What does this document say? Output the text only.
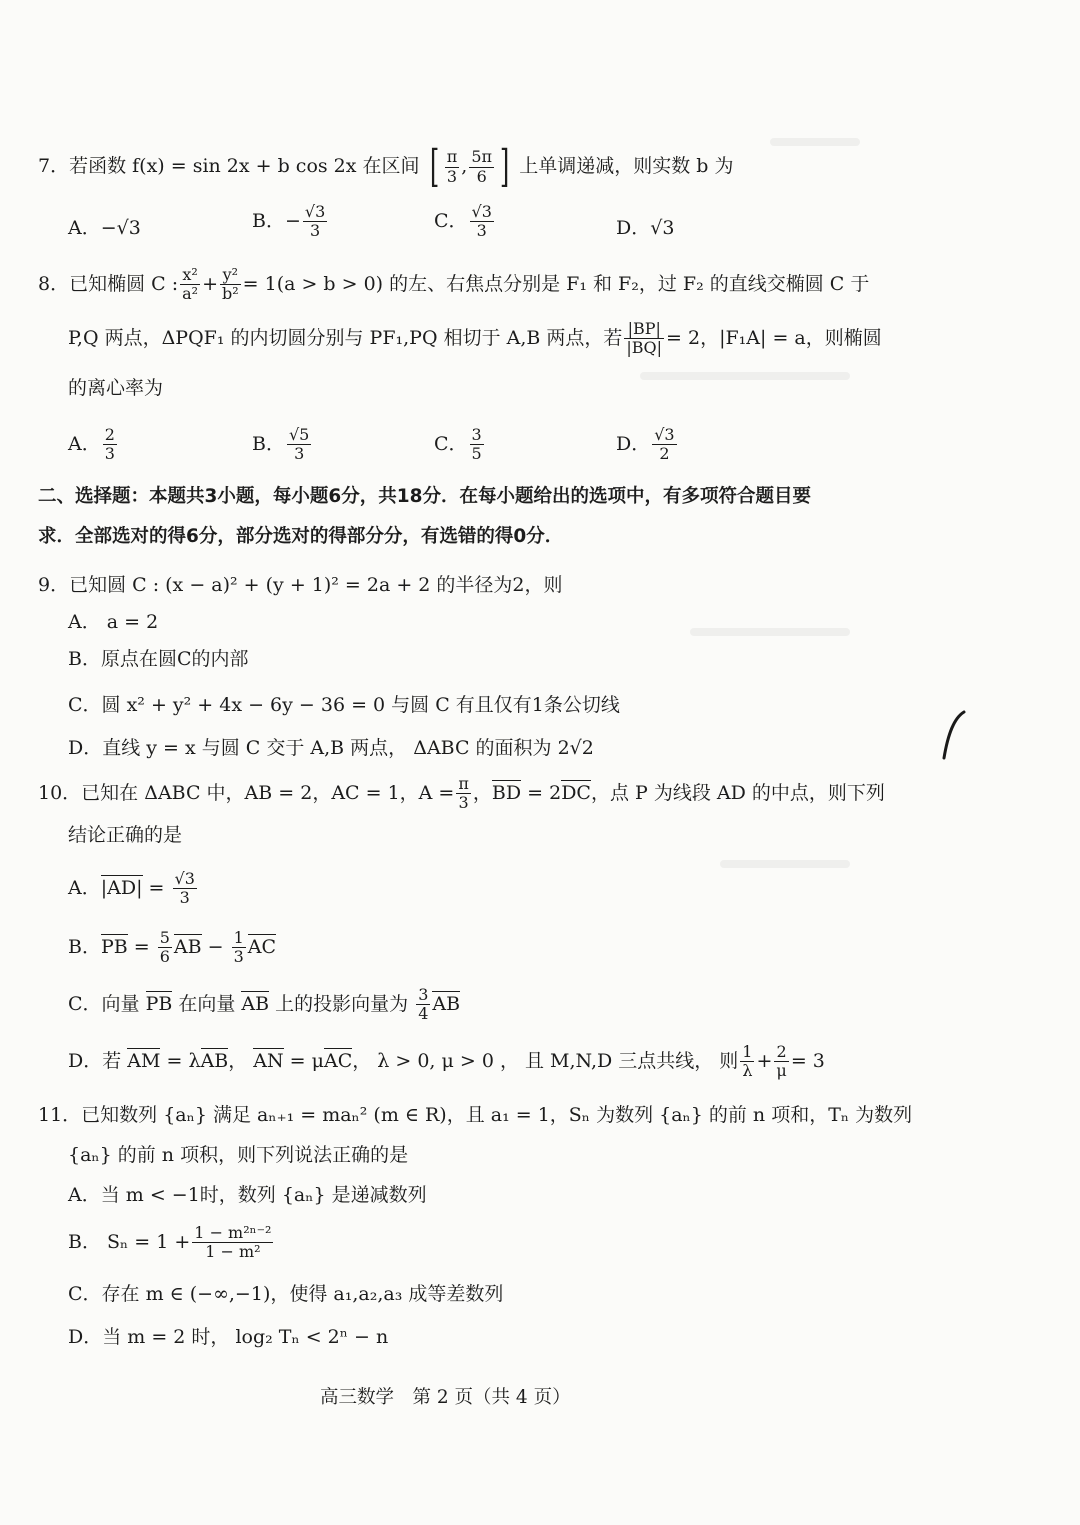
7．若函数 f(x) = sin 2x + b cos 2x 在区间 [ $\frac{\pi}{3}$ , $\frac{5\pi}{6}$ ] 上单调递减，则实数 b 为
A．−√3	B．− $\frac{√3}{3}$	C． $\frac{√3}{3}$	D．√3
8．已知椭圆 C : $\frac{\text{x²}}{\text{a²}} + \frac{\text{y²}}{\text{b²}} = 1(a > b > 0)$ 的左、右焦点分别是 F₁ 和 F₂，过 F₂ 的直线交椭圆 C 于
P,Q 两点，ΔPQF₁ 的内切圆分别与 PF₁,PQ 相切于 A,B 两点，若 $\frac{|BP|}{|BQ|} = 2$，|F₁A| = a，则椭圆
的离心率为
A． $\frac{2}{3}$	B． $\frac{√5}{3}$	C． $\frac{3}{5}$	D． $\frac{√3}{2}$
二、选择题：本题共3小题，每小题6分，共18分．在每小题给出的选项中，有多项符合题目要
求．全部选对的得6分，部分选对的得部分分，有选错的得0分．
9．已知圆 C : (x − a)² + (y + 1)² = 2a + 2 的半径为2，则
A． a = 2
B．原点在圆C的内部
C．圆 x² + y² + 4x − 6y − 36 = 0 与圆 C 有且仅有1条公切线
D．直线 y = x 与圆 C 交于 A,B 两点， ΔABC 的面积为 2√2
10．已知在 ΔABC 中，AB = 2，AC = 1，$A = \frac{\pi}{3}$ ，BD = 2DC，点 P 为线段 AD 的中点，则下列
结论正确的是
A．$|AD| = \frac{√3}{3}$
B．PB = $\frac{5}{6}$ AB − $\frac{1}{3}$ AC
C．向量 PB 在向量 AB 上的投影向量为 $\frac{3}{4}$ AB
D．若 AM = λAB， AN = μAC， λ > 0, μ > 0 ， 且 M,N,D 三点共线， 则 $\frac{1}{\lambda} + \frac{2}{\mu} = 3$
11．已知数列 {aₙ} 满足 aₙ₊₁ = maₙ² (m ∈ R)，且 a₁ = 1，Sₙ 为数列 {aₙ} 的前 n 项和，Tₙ 为数列
{aₙ} 的前 n 项积，则下列说法正确的是
A．当 m < −1时，数列 {aₙ} 是递减数列
B． $S_n = 1 + \frac{\text{1 − m²ⁿ⁻²}}{\text{1 − m²}}$
C．存在 m ∈ (−∞,−1)，使得 a₁,a₂,a₃ 成等差数列
D．当 m = 2 时， log₂ Tₙ < 2ⁿ − n
高三数学　第 2 页（共 4 页）
